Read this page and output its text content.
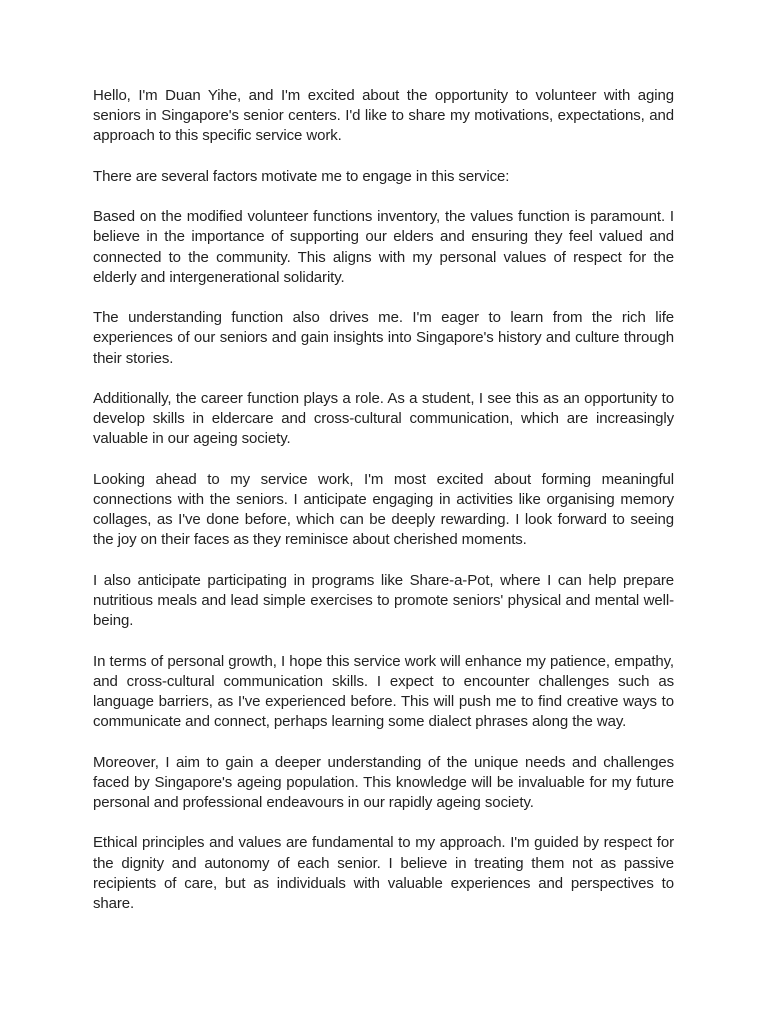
Hello, I'm Duan Yihe, and I'm excited about the opportunity to volunteer with aging seniors in Singapore's senior centers. I'd like to share my motivations, expectations, and approach to this specific service work.

There are several factors motivate me to engage in this service:

Based on the modified volunteer functions inventory, the values function is paramount. I believe in the importance of supporting our elders and ensuring they feel valued and connected to the community. This aligns with my personal values of respect for the elderly and intergenerational solidarity.

The understanding function also drives me. I'm eager to learn from the rich life experiences of our seniors and gain insights into Singapore's history and culture through their stories.

Additionally, the career function plays a role. As a student, I see this as an opportunity to develop skills in eldercare and cross-cultural communication, which are increasingly valuable in our ageing society.

Looking ahead to my service work, I'm most excited about forming meaningful connections with the seniors. I anticipate engaging in activities like organising memory collages, as I've done before, which can be deeply rewarding. I look forward to seeing the joy on their faces as they reminisce about cherished moments.

I also anticipate participating in programs like Share-a-Pot, where I can help prepare nutritious meals and lead simple exercises to promote seniors' physical and mental well-being.

In terms of personal growth, I hope this service work will enhance my patience, empathy, and cross-cultural communication skills. I expect to encounter challenges such as language barriers, as I've experienced before. This will push me to find creative ways to communicate and connect, perhaps learning some dialect phrases along the way.

Moreover, I aim to gain a deeper understanding of the unique needs and challenges faced by Singapore's ageing population. This knowledge will be invaluable for my future personal and professional endeavours in our rapidly ageing society.

Ethical principles and values are fundamental to my approach. I'm guided by respect for the dignity and autonomy of each senior. I believe in treating them not as passive recipients of care, but as individuals with valuable experiences and perspectives to share.
